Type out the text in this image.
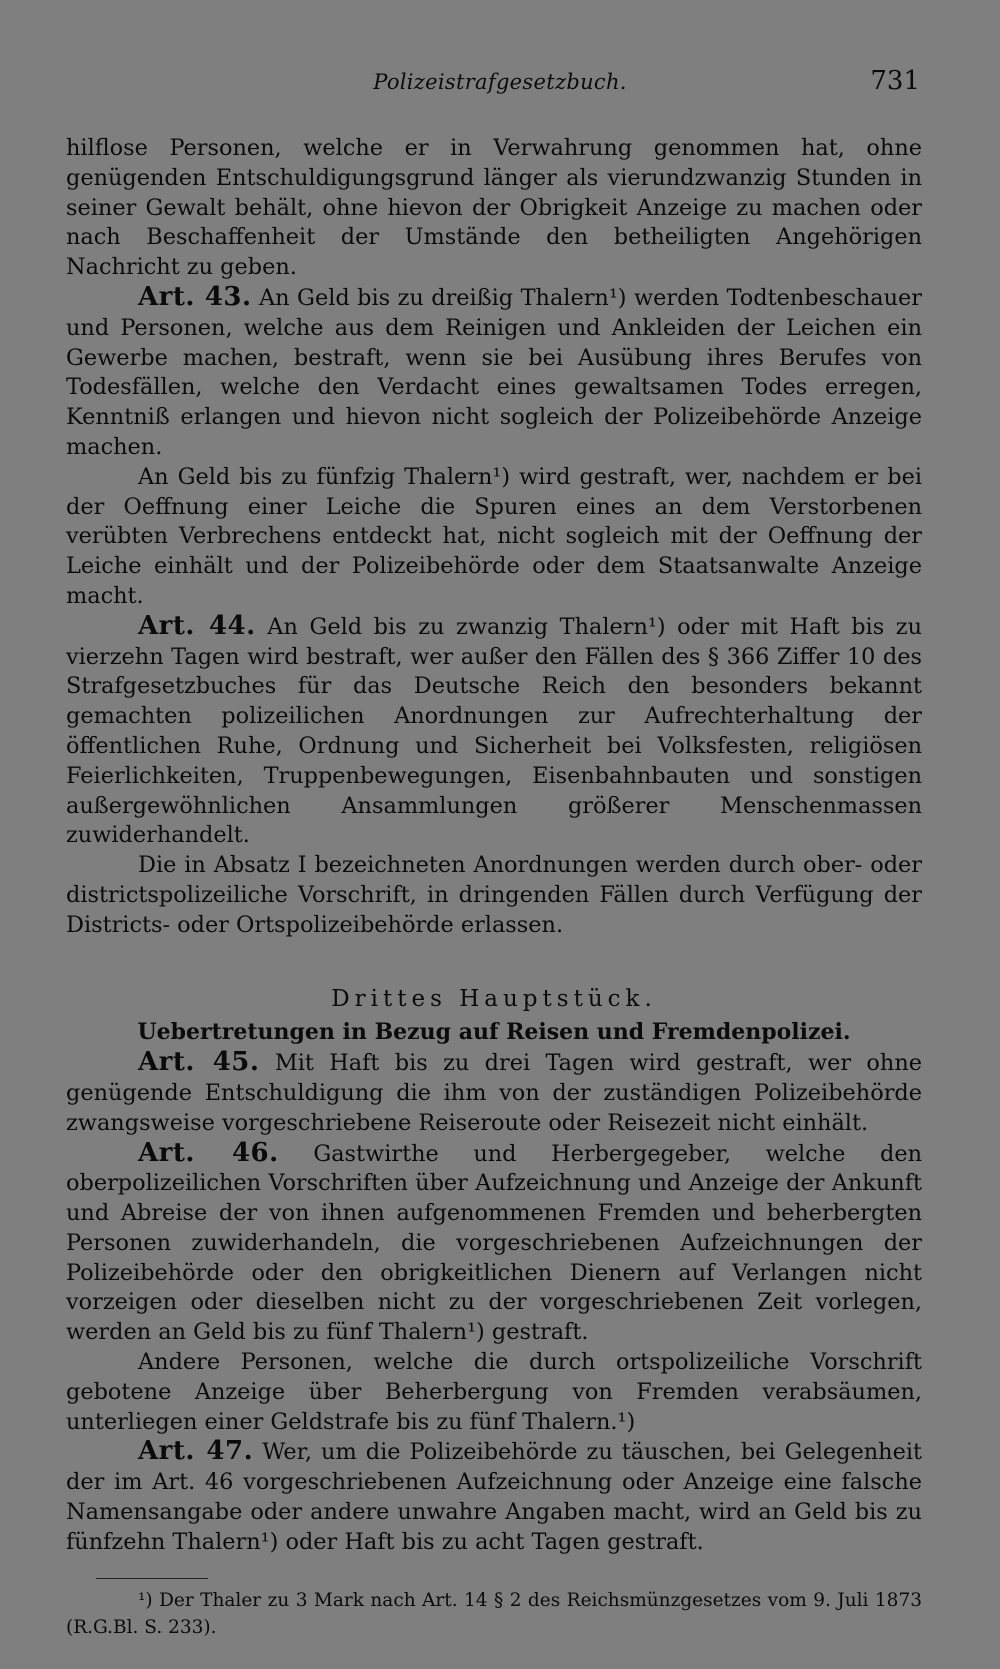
Polizeistrafgesetzbuch.	731

hilflose Personen, welche er in Verwahrung genommen hat, ohne genügenden Entschuldigungsgrund länger als vierundzwanzig Stunden in seiner Gewalt behält, ohne hievon der Obrigkeit Anzeige zu machen oder nach Beschaffenheit der Umstände den betheiligten Angehörigen Nachricht zu geben.

Art. 43. An Geld bis zu dreißig Thalern¹) werden Todtenbeschauer und Personen, welche aus dem Reinigen und Ankleiden der Leichen ein Gewerbe machen, bestraft, wenn sie bei Ausübung ihres Berufes von Todesfällen, welche den Verdacht eines gewaltsamen Todes erregen, Kenntniß erlangen und hievon nicht sogleich der Polizeibehörde Anzeige machen.

An Geld bis zu fünfzig Thalern¹) wird gestraft, wer, nachdem er bei der Oeffnung einer Leiche die Spuren eines an dem Verstorbenen verübten Verbrechens entdeckt hat, nicht sogleich mit der Oeffnung der Leiche einhält und der Polizeibehörde oder dem Staatsanwalte Anzeige macht.

Art. 44. An Geld bis zu zwanzig Thalern¹) oder mit Haft bis zu vierzehn Tagen wird bestraft, wer außer den Fällen des § 366 Ziffer 10 des Strafgesetzbuches für das Deutsche Reich den besonders bekannt gemachten polizeilichen Anordnungen zur Aufrechterhaltung der öffentlichen Ruhe, Ordnung und Sicherheit bei Volksfesten, religiösen Feierlichkeiten, Truppenbewegungen, Eisenbahnbauten und sonstigen außergewöhnlichen Ansammlungen größerer Menschenmassen zuwiderhandelt.

Die in Absatz I bezeichneten Anordnungen werden durch ober- oder districtspolizeiliche Vorschrift, in dringenden Fällen durch Verfügung der Districts- oder Ortspolizeibehörde erlassen.

Drittes Hauptstück.
Uebertretungen in Bezug auf Reisen und Fremdenpolizei.

Art. 45. Mit Haft bis zu drei Tagen wird gestraft, wer ohne genügende Entschuldigung die ihm von der zuständigen Polizeibehörde zwangsweise vorgeschriebene Reiseroute oder Reisezeit nicht einhält.

Art. 46. Gastwirthe und Herbergegeber, welche den oberpolizeilichen Vorschriften über Aufzeichnung und Anzeige der Ankunft und Abreise der von ihnen aufgenommenen Fremden und beherbergten Personen zuwiderhandeln, die vorgeschriebenen Aufzeichnungen der Polizeibehörde oder den obrigkeitlichen Dienern auf Verlangen nicht vorzeigen oder dieselben nicht zu der vorgeschriebenen Zeit vorlegen, werden an Geld bis zu fünf Thalern¹) gestraft.

Andere Personen, welche die durch ortspolizeiliche Vorschrift gebotene Anzeige über Beherbergung von Fremden verabsäumen, unterliegen einer Geldstrafe bis zu fünf Thalern.¹)

Art. 47. Wer, um die Polizeibehörde zu täuschen, bei Gelegenheit der im Art. 46 vorgeschriebenen Aufzeichnung oder Anzeige eine falsche Namensangabe oder andere unwahre Angaben macht, wird an Geld bis zu fünfzehn Thalern¹) oder Haft bis zu acht Tagen gestraft.

¹) Der Thaler zu 3 Mark nach Art. 14 § 2 des Reichsmünzgesetzes vom 9. Juli 1873 (R.G.Bl. S. 233).
